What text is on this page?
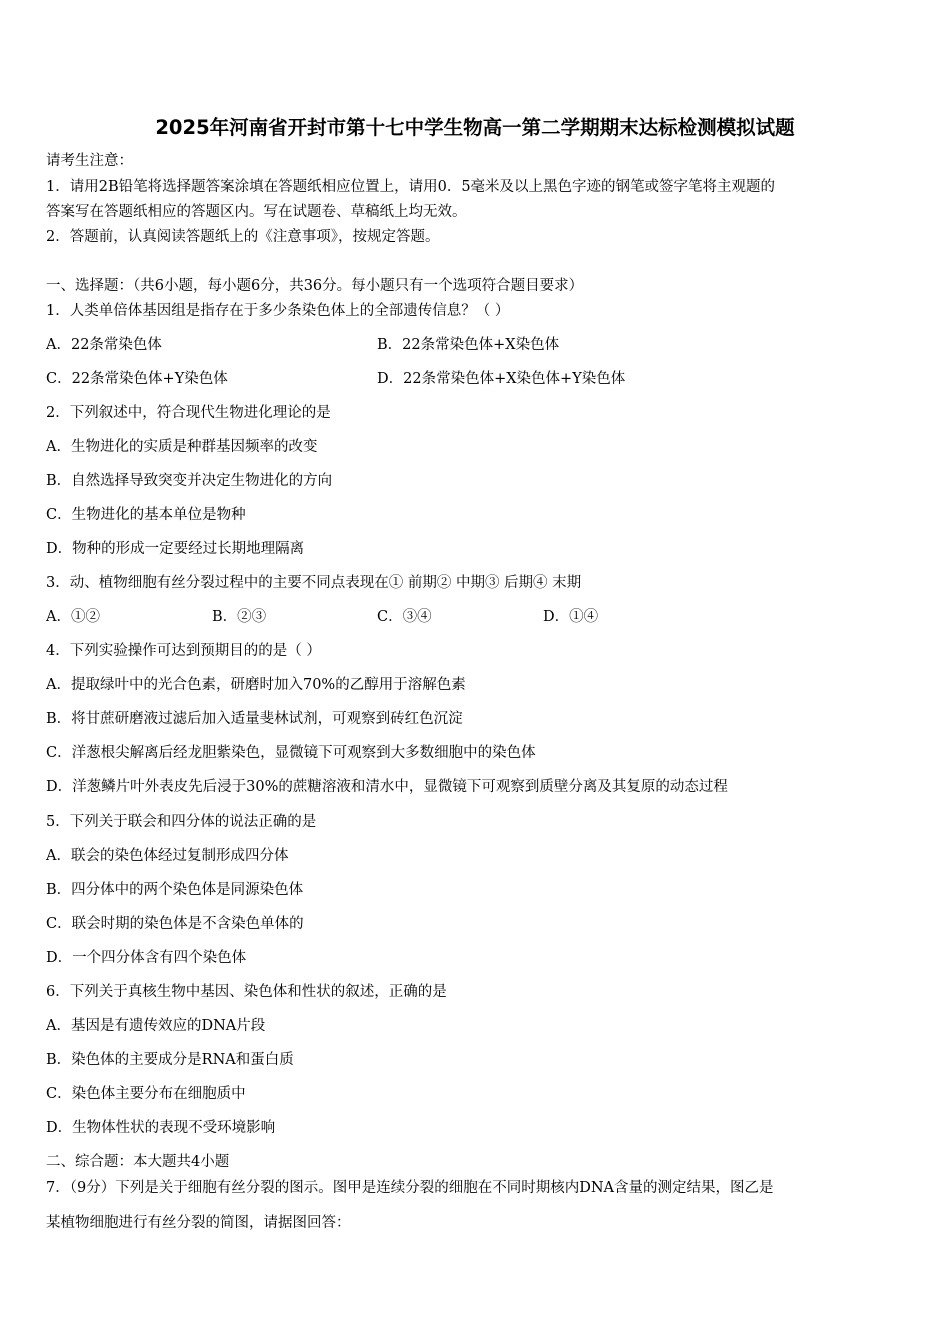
2025年河南省开封市第十七中学生物高一第二学期期末达标检测模拟试题
请考生注意：
1．请用2B铅笔将选择题答案涂填在答题纸相应位置上，请用0．5毫米及以上黑色字迹的钢笔或签字笔将主观题的
答案写在答题纸相应的答题区内。写在试题卷、草稿纸上均无效。
2．答题前，认真阅读答题纸上的《注意事项》，按规定答题。
一、选择题：（共6小题，每小题6分，共36分。每小题只有一个选项符合题目要求）
1．人类单倍体基因组是指存在于多少条染色体上的全部遗传信息？（ ）
A．22条常染色体	B．22条常染色体+X染色体
C．22条常染色体+Y染色体	D．22条常染色体+X染色体+Y染色体
2．下列叙述中，符合现代生物进化理论的是
A．生物进化的实质是种群基因频率的改变
B．自然选择导致突变并决定生物进化的方向
C．生物进化的基本单位是物种
D．物种的形成一定要经过长期地理隔离
3．动、植物细胞有丝分裂过程中的主要不同点表现在① 前期② 中期③ 后期④ 末期
A．①②	B．②③	C．③④	D．①④
4．下列实验操作可达到预期目的的是（ ）
A．提取绿叶中的光合色素，研磨时加入70%的乙醇用于溶解色素
B．将甘蔗研磨液过滤后加入适量斐林试剂，可观察到砖红色沉淀
C．洋葱根尖解离后经龙胆紫染色，显微镜下可观察到大多数细胞中的染色体
D．洋葱鳞片叶外表皮先后浸于30%的蔗糖溶液和清水中，显微镜下可观察到质壁分离及其复原的动态过程
5．下列关于联会和四分体的说法正确的是
A．联会的染色体经过复制形成四分体
B．四分体中的两个染色体是同源染色体
C．联会时期的染色体是不含染色单体的
D．一个四分体含有四个染色体
6．下列关于真核生物中基因、染色体和性状的叙述，正确的是
A．基因是有遗传效应的DNA片段
B．染色体的主要成分是RNA和蛋白质
C．染色体主要分布在细胞质中
D．生物体性状的表现不受环境影响
二、综合题：本大题共4小题
7．（9分）下列是关于细胞有丝分裂的图示。图甲是连续分裂的细胞在不同时期核内DNA含量的测定结果，图乙是
某植物细胞进行有丝分裂的简图，请据图回答：
